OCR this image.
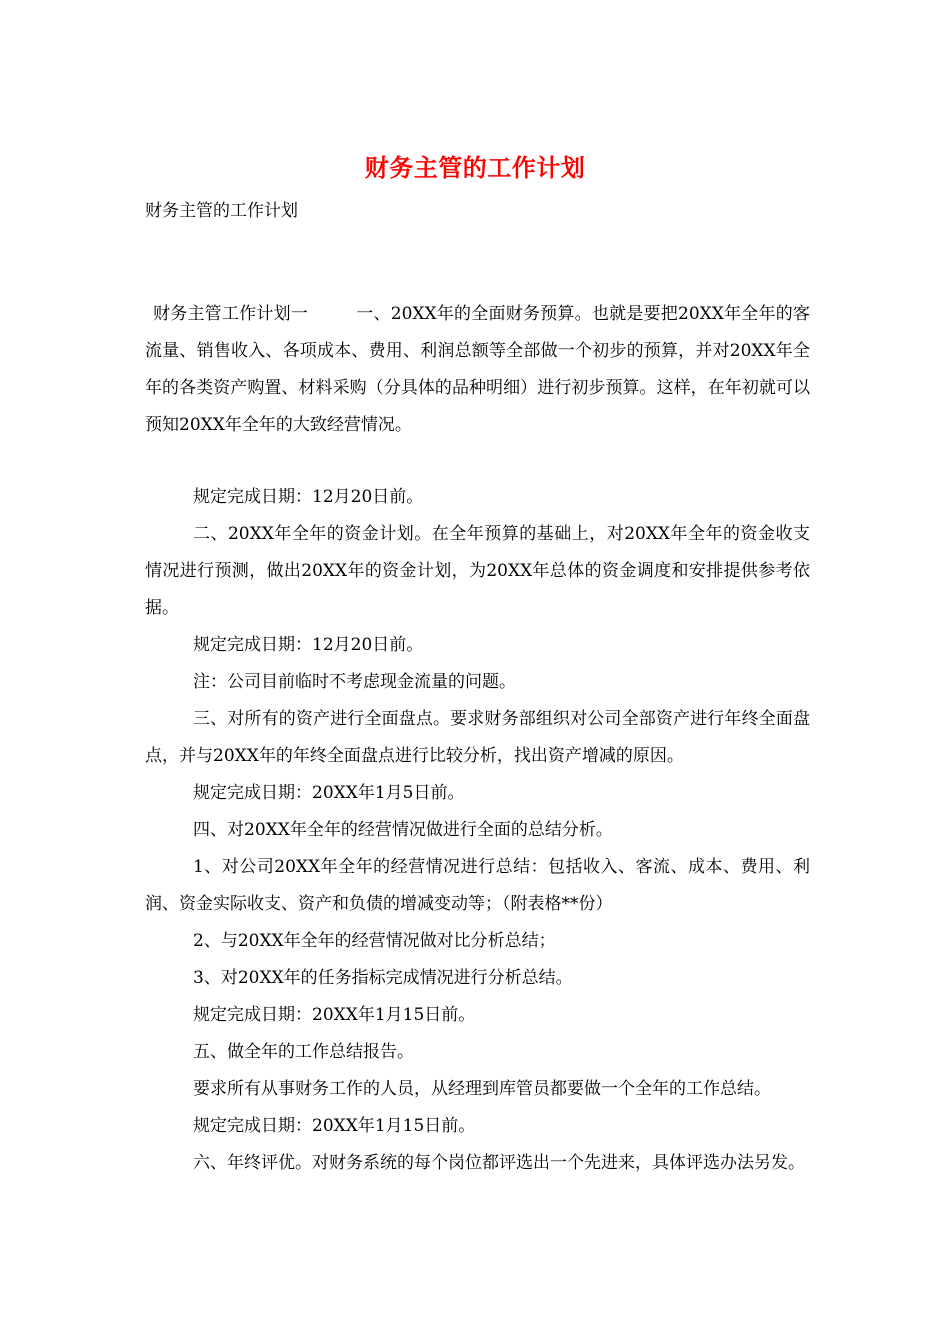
财务主管的工作计划
财务主管的工作计划
财务主管工作计划一	一、20XX年的全面财务预算。也就是要把20XX年全年的客流量、销售收入、各项成本、费用、利润总额等全部做一个初步的预算，并对20XX年全年的各类资产购置、材料采购（分具体的品种明细）进行初步预算。这样，在年初就可以预知20XX年全年的大致经营情况。

规定完成日期：12月20日前。

二、20XX年全年的资金计划。在全年预算的基础上，对20XX年全年的资金收支情况进行预测，做出20XX年的资金计划，为20XX年总体的资金调度和安排提供参考依据。

规定完成日期：12月20日前。

注：公司目前临时不考虑现金流量的问题。

三、对所有的资产进行全面盘点。要求财务部组织对公司全部资产进行年终全面盘点，并与20XX年的年终全面盘点进行比较分析，找出资产增减的原因。

规定完成日期：20XX年1月5日前。

四、对20XX年全年的经营情况做进行全面的总结分析。

1、对公司20XX年全年的经营情况进行总结：包括收入、客流、成本、费用、利润、资金实际收支、资产和负债的增减变动等；（附表格**份）

2、与20XX年全年的经营情况做对比分析总结；

3、对20XX年的任务指标完成情况进行分析总结。

规定完成日期：20XX年1月15日前。

五、做全年的工作总结报告。

要求所有从事财务工作的人员，从经理到库管员都要做一个全年的工作总结。

规定完成日期：20XX年1月15日前。

六、年终评优。对财务系统的每个岗位都评选出一个先进来，具体评选办法另发。
